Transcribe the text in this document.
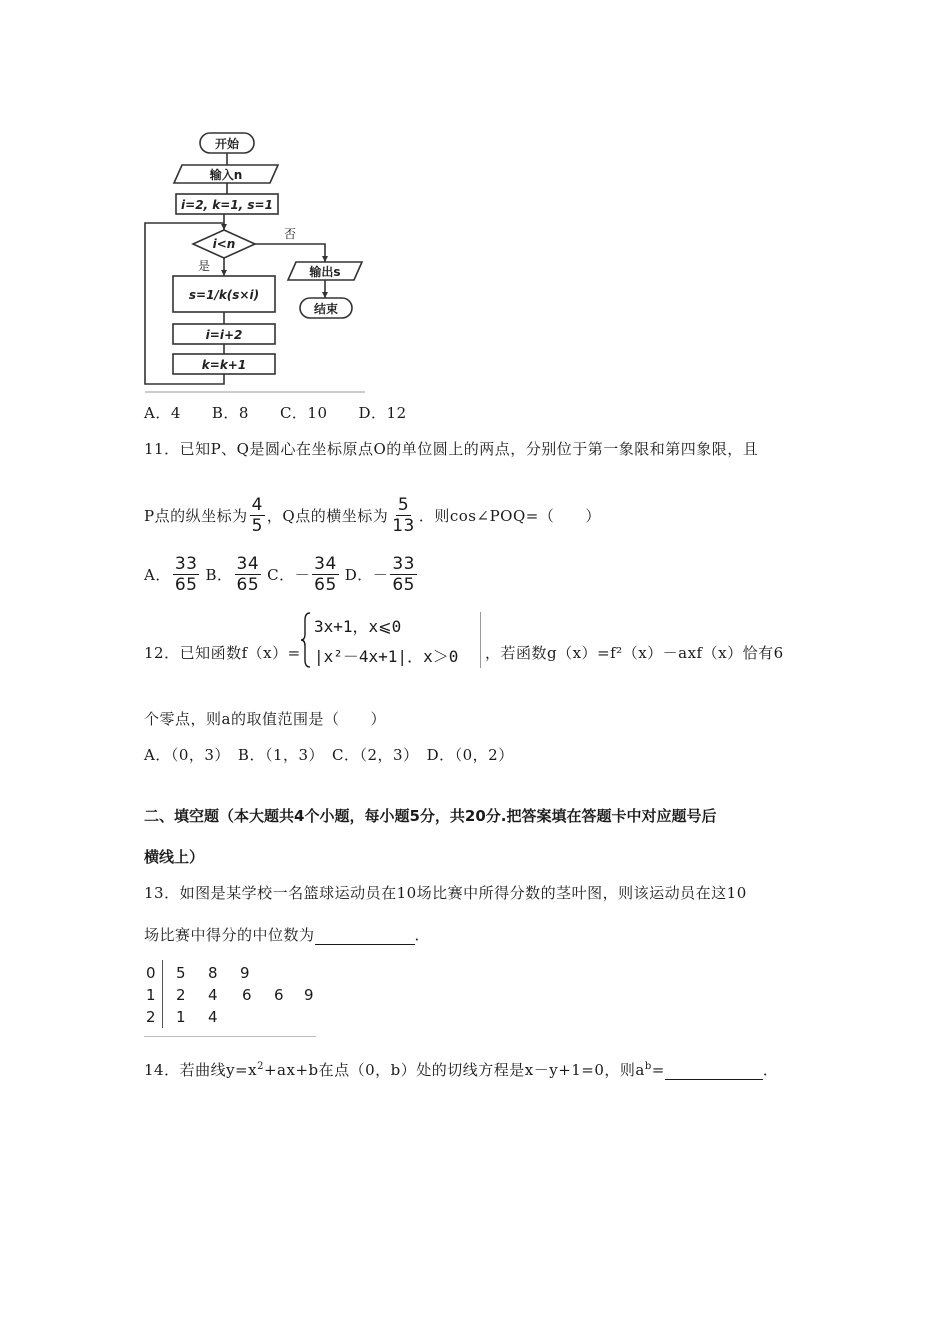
开始
输入n
i=2, k=1, s=1
i<n
否
是
s=1/k(s×i)
i=i+2
k=k+1
输出s
结束
A．4　　B．8　　C．10　　D．12
11．已知P、Q是圆心在坐标原点O的单位圆上的两点，分别位于第一象限和第四象限，且
P点的纵坐标为 $\frac{4}{5}$ ，Q点的横坐标为 $\frac{5}{13}$ ．则cos∠POQ=（　　）
A． $\frac{33}{65}$ B． $\frac{34}{65}$ C．－ $\frac{34}{65}$ D．－ $\frac{33}{65}$
12．已知函数f（x）=
3x+1，x⩽0
|x²－4x+1|．x＞0 ，若函数g（x）=f²（x）－axf（x）恰有6
个零点，则a的取值范围是（　　）
A．（0，3）　B．（1，3）　C．（2，3）　D．（0，2）
二、填空题（本大题共4个小题，每小题5分，共20分.把答案填在答题卡中对应题号后
横线上）
13．如图是某学校一名篮球运动员在10场比赛中所得分数的茎叶图，则该运动员在这10
场比赛中得分的中位数为	．
0 5 8 9
1 2 4 6 6 9
2 1 4
14．若曲线$y=x^2+ax+b$在点（0，b）处的切线方程是x－y+1=0，则$a^b=$	．
